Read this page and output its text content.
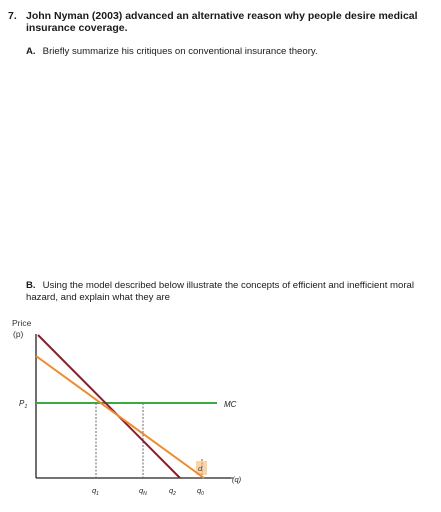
7. John Nyman (2003) advanced an alternative reason why people desire medical insurance coverage.
A. Briefly summarize his critiques on conventional insurance theory.
B. Using the model described below illustrate the concepts of efficient and inefficient moral hazard, and explain what they are
Price
(p)
d
MC
$P_1$
(q)
$q_1$	$q_N$	$q_2$	$q_0$
